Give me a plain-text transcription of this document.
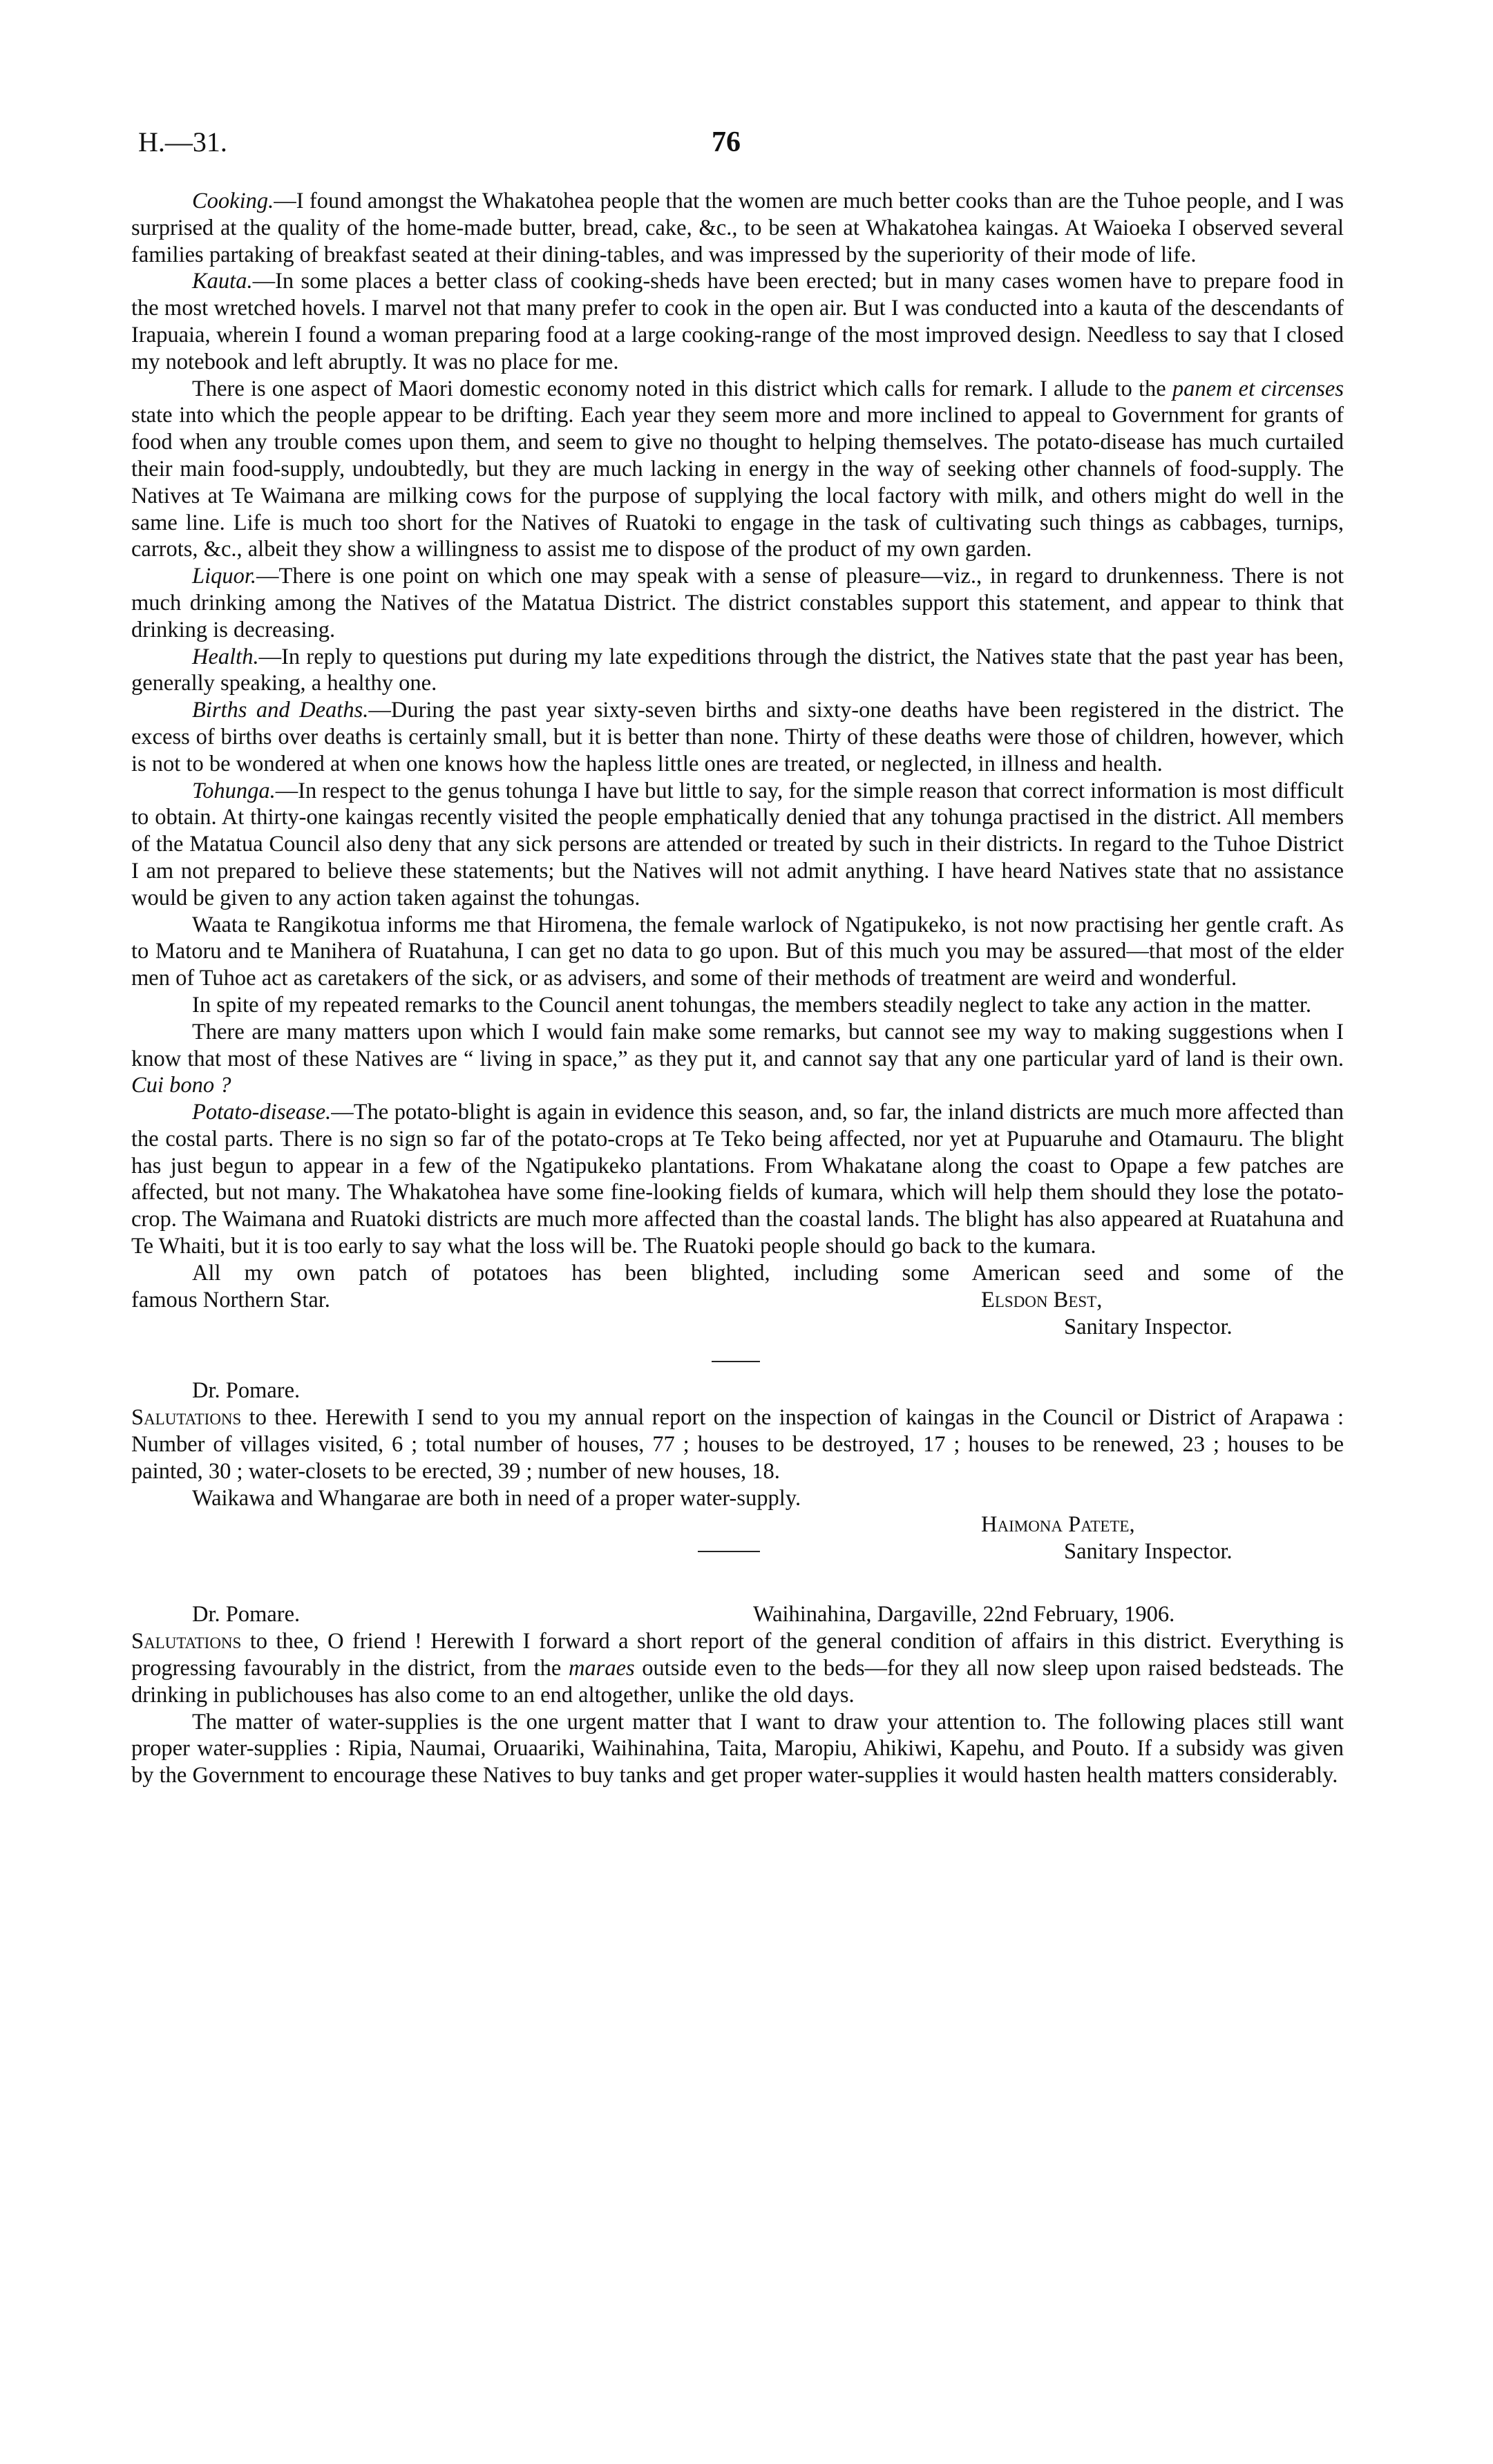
H.—31.	76

Cooking.—I found amongst the Whakatohea people that the women are much better cooks than are the Tuhoe people, and I was surprised at the quality of the home-made butter, bread, cake, &c., to be seen at Whakatohea kaingas. At Waioeka I observed several families partaking of breakfast seated at their dining-tables, and was impressed by the superiority of their mode of life.

Kauta.—In some places a better class of cooking-sheds have been erected; but in many cases women have to prepare food in the most wretched hovels. I marvel not that many prefer to cook in the open air. But I was conducted into a kauta of the descendants of Irapuaia, wherein I found a woman preparing food at a large cooking-range of the most improved design. Needless to say that I closed my notebook and left abruptly. It was no place for me.

There is one aspect of Maori domestic economy noted in this district which calls for remark. I allude to the panem et circenses state into which the people appear to be drifting. Each year they seem more and more inclined to appeal to Government for grants of food when any trouble comes upon them, and seem to give no thought to helping themselves. The potato-disease has much curtailed their main food-supply, undoubtedly, but they are much lacking in energy in the way of seeking other channels of food-supply. The Natives at Te Waimana are milking cows for the purpose of supplying the local factory with milk, and others might do well in the same line. Life is much too short for the Natives of Ruatoki to engage in the task of cultivating such things as cabbages, turnips, carrots, &c., albeit they show a willingness to assist me to dispose of the product of my own garden.

Liquor.—There is one point on which one may speak with a sense of pleasure—viz., in regard to drunkenness. There is not much drinking among the Natives of the Matatua District. The district constables support this statement, and appear to think that drinking is decreasing.

Health.—In reply to questions put during my late expeditions through the district, the Natives state that the past year has been, generally speaking, a healthy one.

Births and Deaths.—During the past year sixty-seven births and sixty-one deaths have been registered in the district. The excess of births over deaths is certainly small, but it is better than none. Thirty of these deaths were those of children, however, which is not to be wondered at when one knows how the hapless little ones are treated, or neglected, in illness and health.

Tohunga.—In respect to the genus tohunga I have but little to say, for the simple reason that correct information is most difficult to obtain. At thirty-one kaingas recently visited the people emphatically denied that any tohunga practised in the district. All members of the Matatua Council also deny that any sick persons are attended or treated by such in their districts. In regard to the Tuhoe District I am not prepared to believe these statements; but the Natives will not admit anything. I have heard Natives state that no assistance would be given to any action taken against the tohungas.

Waata te Rangikotua informs me that Hiromena, the female warlock of Ngatipukeko, is not now practising her gentle craft. As to Matoru and te Manihera of Ruatahuna, I can get no data to go upon. But of this much you may be assured—that most of the elder men of Tuhoe act as caretakers of the sick, or as advisers, and some of their methods of treatment are weird and wonderful.

In spite of my repeated remarks to the Council anent tohungas, the members steadily neglect to take any action in the matter.

There are many matters upon which I would fain make some remarks, but cannot see my way to making suggestions when I know that most of these Natives are “ living in space,” as they put it, and cannot say that any one particular yard of land is their own. Cui bono ?

Potato-disease.—The potato-blight is again in evidence this season, and, so far, the inland districts are much more affected than the costal parts. There is no sign so far of the potato-crops at Te Teko being affected, nor yet at Pupuaruhe and Otamauru. The blight has just begun to appear in a few of the Ngatipukeko plantations. From Whakatane along the coast to Opape a few patches are affected, but not many. The Whakatohea have some fine-looking fields of kumara, which will help them should they lose the potato-crop. The Waimana and Ruatoki districts are much more affected than the coastal lands. The blight has also appeared at Ruatahuna and Te Whaiti, but it is too early to say what the loss will be. The Ruatoki people should go back to the kumara.

All my own patch of potatoes has been blighted, including some American seed and some of the

famous Northern Star.	Elsdon Best,

Sanitary Inspector.

Dr. Pomare.

Salutations to thee. Herewith I send to you my annual report on the inspection of kaingas in the Council or District of Arapawa : Number of villages visited, 6 ; total number of houses, 77 ; houses to be destroyed, 17 ; houses to be renewed, 23 ; houses to be painted, 30 ; water-closets to be erected, 39 ; number of new houses, 18.

Waikawa and Whangarae are both in need of a proper water-supply.

Haimona Patete,

Sanitary Inspector.
Dr. Pomare.	Waihinahina, Dargaville, 22nd February, 1906.

Salutations to thee, O friend ! Herewith I forward a short report of the general condition of affairs in this district. Everything is progressing favourably in the district, from the maraes outside even to the beds—for they all now sleep upon raised bedsteads. The drinking in publichouses has also come to an end altogether, unlike the old days.

The matter of water-supplies is the one urgent matter that I want to draw your attention to. The following places still want proper water-supplies : Ripia, Naumai, Oruaariki, Waihinahina, Taita, Maropiu, Ahikiwi, Kapehu, and Pouto. If a subsidy was given by the Government to encourage these Natives to buy tanks and get proper water-supplies it would hasten health matters considerably.
